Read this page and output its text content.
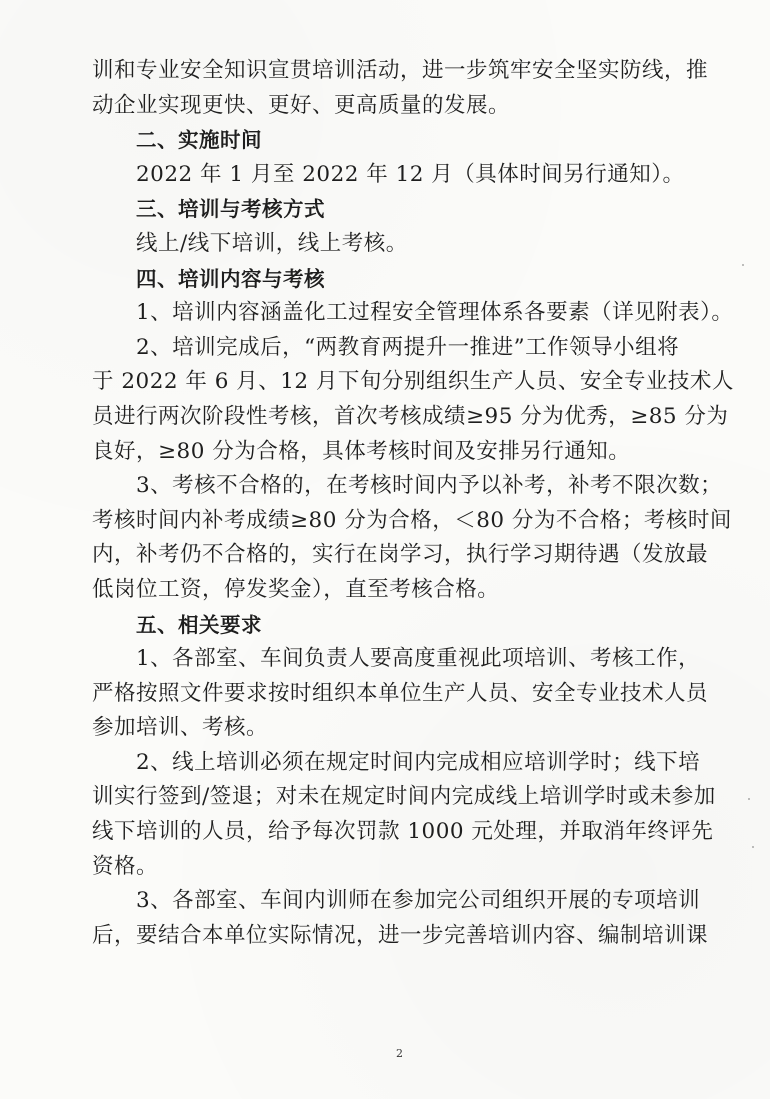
训和专业安全知识宣贯培训活动，进一步筑牢安全坚实防线，推
动企业实现更快、更好、更高质量的发展。
二、实施时间
2022 年 1 月至 2022 年 12 月（具体时间另行通知）。
三、培训与考核方式
线上/线下培训，线上考核。
四、培训内容与考核
1、培训内容涵盖化工过程安全管理体系各要素（详见附表）。
2、培训完成后，“两教育两提升一推进”工作领导小组将
于 2022 年 6 月、12 月下旬分别组织生产人员、安全专业技术人
员进行两次阶段性考核，首次考核成绩≥95 分为优秀，≥85 分为
良好，≥80 分为合格，具体考核时间及安排另行通知。
3、考核不合格的，在考核时间内予以补考，补考不限次数；
考核时间内补考成绩≥80 分为合格，＜80 分为不合格；考核时间
内，补考仍不合格的，实行在岗学习，执行学习期待遇（发放最
低岗位工资，停发奖金），直至考核合格。
五、相关要求
1、各部室、车间负责人要高度重视此项培训、考核工作，
严格按照文件要求按时组织本单位生产人员、安全专业技术人员
参加培训、考核。
2、线上培训必须在规定时间内完成相应培训学时；线下培
训实行签到/签退；对未在规定时间内完成线上培训学时或未参加
线下培训的人员，给予每次罚款 1000 元处理，并取消年终评先
资格。
3、各部室、车间内训师在参加完公司组织开展的专项培训
后，要结合本单位实际情况，进一步完善培训内容、编制培训课
2
